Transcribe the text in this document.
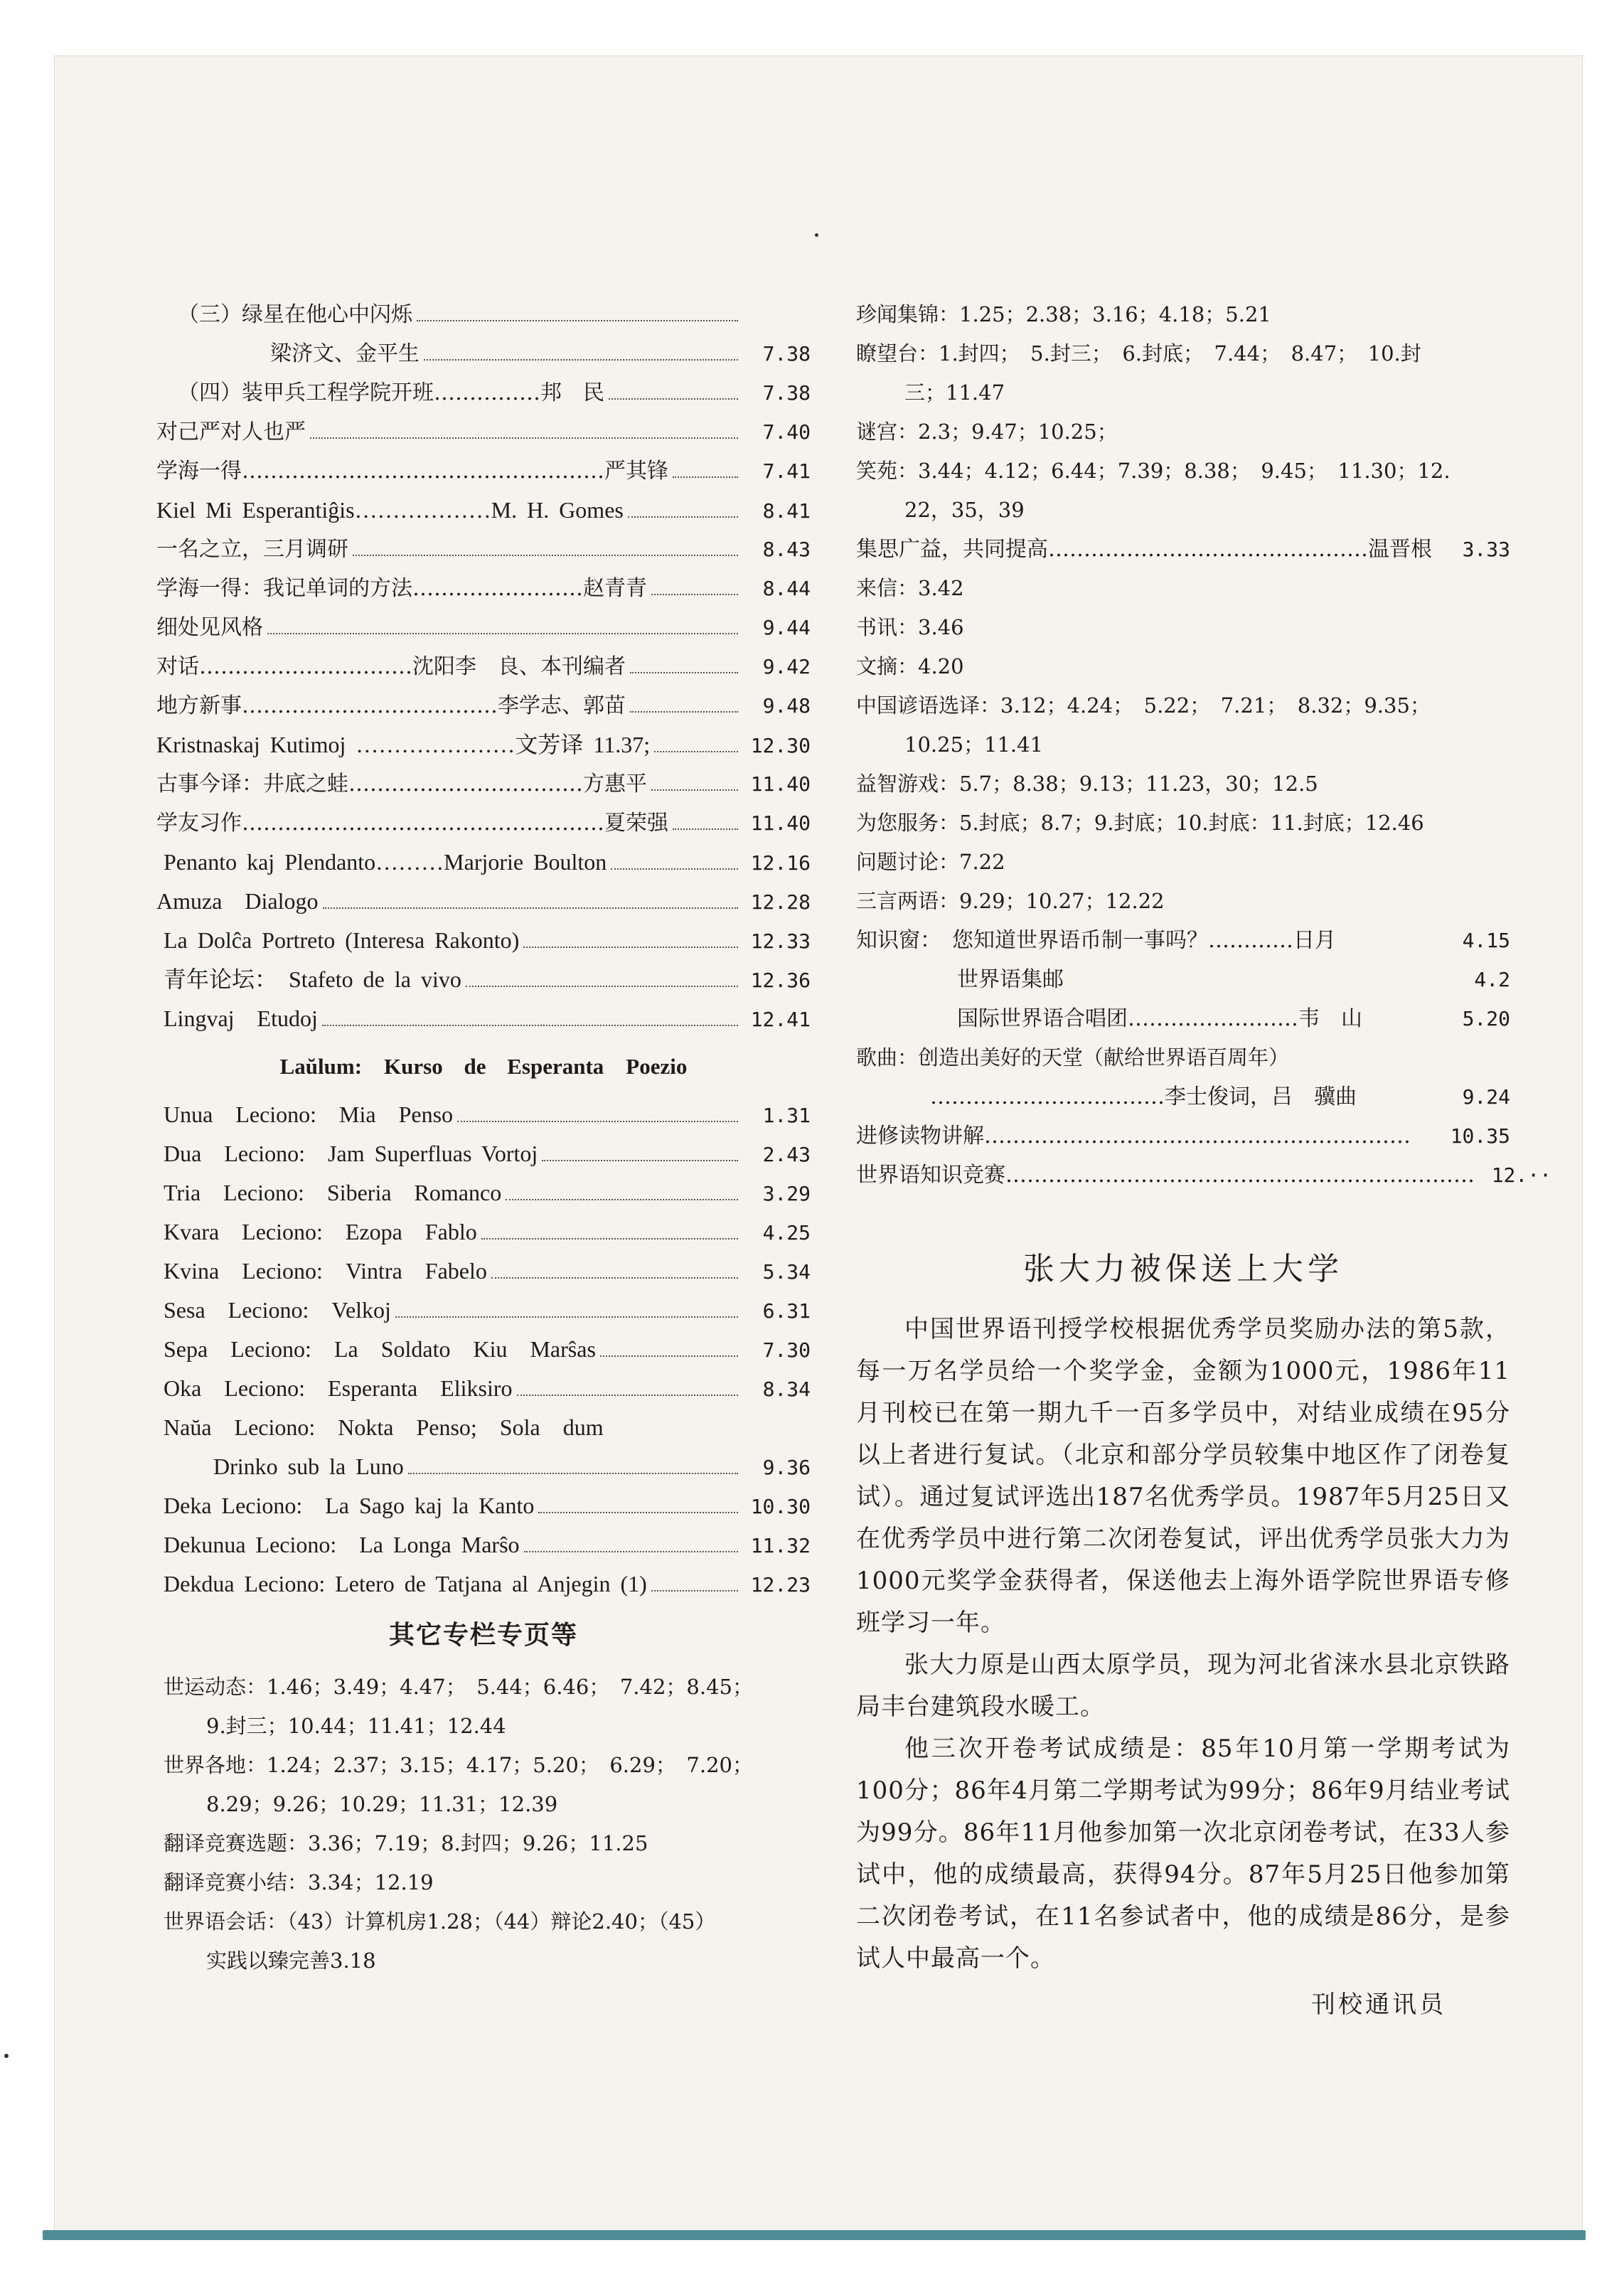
（三）绿星在他心中闪烁
梁济文、金平生	7.38
（四）装甲兵工程学院开班……………邦　民	7.38
对己严对人也严	7.40
学海一得……………………………………………严其锋	7.41
Kiel Mi Esperantiĝis………………M. H. Gomes	8.41
一名之立，三月调研	8.43
学海一得：我记单词的方法……………………赵青青	8.44
细处见风格	9.44
对话…………………………沈阳李　良、本刊编者	9.42
地方新事………………………………李学志、郭苗	9.48
Kristnaskaj Kutimoj …………………文芳译 11.37;	12.30
古事今译：井底之蛙……………………………方惠平	11.40
学友习作……………………………………………夏荣强	11.40
Penanto kaj Plendanto………Marjorie Boulton	12.16
Amuza　Dialogo	12.28
La Dolĉa Portreto (Interesa Rakonto)	12.33
青年论坛：　Stafeto de la vivo	12.36
Lingvaj　Etudoj	12.41
Laŭlum:　Kurso de Esperanta　Poezio
Unua　Leciono:　Mia　Penso	1.31
Dua　Leciono:　Jam Superfluas Vortoj	2.43
Tria　Leciono:　Siberia　Romanco	3.29
Kvara　Leciono:　Ezopa　Fablo	4.25
Kvina　Leciono:　Vintra　Fabelo	5.34
Sesa　Leciono:　Velkoj	6.31
Sepa　Leciono:　La　Soldato　Kiu　Marŝas	7.30
Oka　Leciono:　Esperanta　Eliksiro	8.34
Naŭa　Leciono:　Nokta　Penso;　Sola　dum
Drinko sub la Luno	9.36
Deka Leciono:　La Sago kaj la Kanto	10.30
Dekunua Leciono:　La Longa Marŝo	11.32
Dekdua Leciono: Letero de Tatjana al Anjegin (1)	12.23
其它专栏专页等
世运动态：1.46；3.49；4.47；　5.44；6.46；　7.42；8.45；
9.封三；10.44；11.41；12.44
世界各地：1.24；2.37；3.15；4.17；5.20；　6.29；　7.20；
8.29；9.26；10.29；11.31；12.39
翻译竞赛选题：3.36；7.19；8.封四；9.26；11.25
翻译竞赛小结：3.34；12.19
世界语会话：（43）计算机房1.28；（44）辩论2.40；（45）
实践以臻完善3.18
珍闻集锦：1.25；2.38；3.16；4.18；5.21
瞭望台：1.封四；　5.封三；　6.封底；　7.44；　8.47；　10.封
三；11.47
谜宫：2.3；9.47；10.25；
笑苑：3.44；4.12；6.44；7.39；8.38；　9.45；　11.30；12.
22，35，39
集思广益，共同提高………………………………………温晋根	3.33
来信：3.42
书讯：3.46
文摘：4.20
中国谚语选译：3.12；4.24；　5.22；　7.21；　8.32；9.35；
10.25；11.41
益智游戏：5.7；8.38；9.13；11.23，30；12.5
为您服务：5.封底；8.7；9.封底；10.封底：11.封底；12.46
问题讨论：7.22
三言两语：9.29；10.27；12.22
知识窗：　您知道世界语币制一事吗？…………日月	4.15
世界语集邮	4.2
国际世界语合唱团……………………韦　山	5.20
歌曲：创造出美好的天堂（献给世界语百周年）
……………………………李士俊词，吕　骥曲	9.24
进修读物讲解……………………………………………………	10.35
世界语知识竞赛………………………………………………………… 12.··
张大力被保送上大学

中国世界语刊授学校根据优秀学员奖励办法的第5款，每一万名学员给一个奖学金，金额为1000元，1986年11月刊校已在第一期九千一百多学员中，对结业成绩在95分以上者进行复试。（北京和部分学员较集中地区作了闭卷复试）。通过复试评选出187名优秀学员。1987年5月25日又在优秀学员中进行第二次闭卷复试，评出优秀学员张大力为1000元奖学金获得者，保送他去上海外语学院世界语专修班学习一年。

张大力原是山西太原学员，现为河北省涞水县北京铁路局丰台建筑段水暖工。

他三次开卷考试成绩是：85年10月第一学期考试为100分；86年4月第二学期考试为99分；86年9月结业考试为99分。86年11月他参加第一次北京闭卷考试，在33人参试中，他的成绩最高，获得94分。87年5月25日他参加第二次闭卷考试，在11名参试者中，他的成绩是86分，是参试人中最高一个。

刊校通讯员
